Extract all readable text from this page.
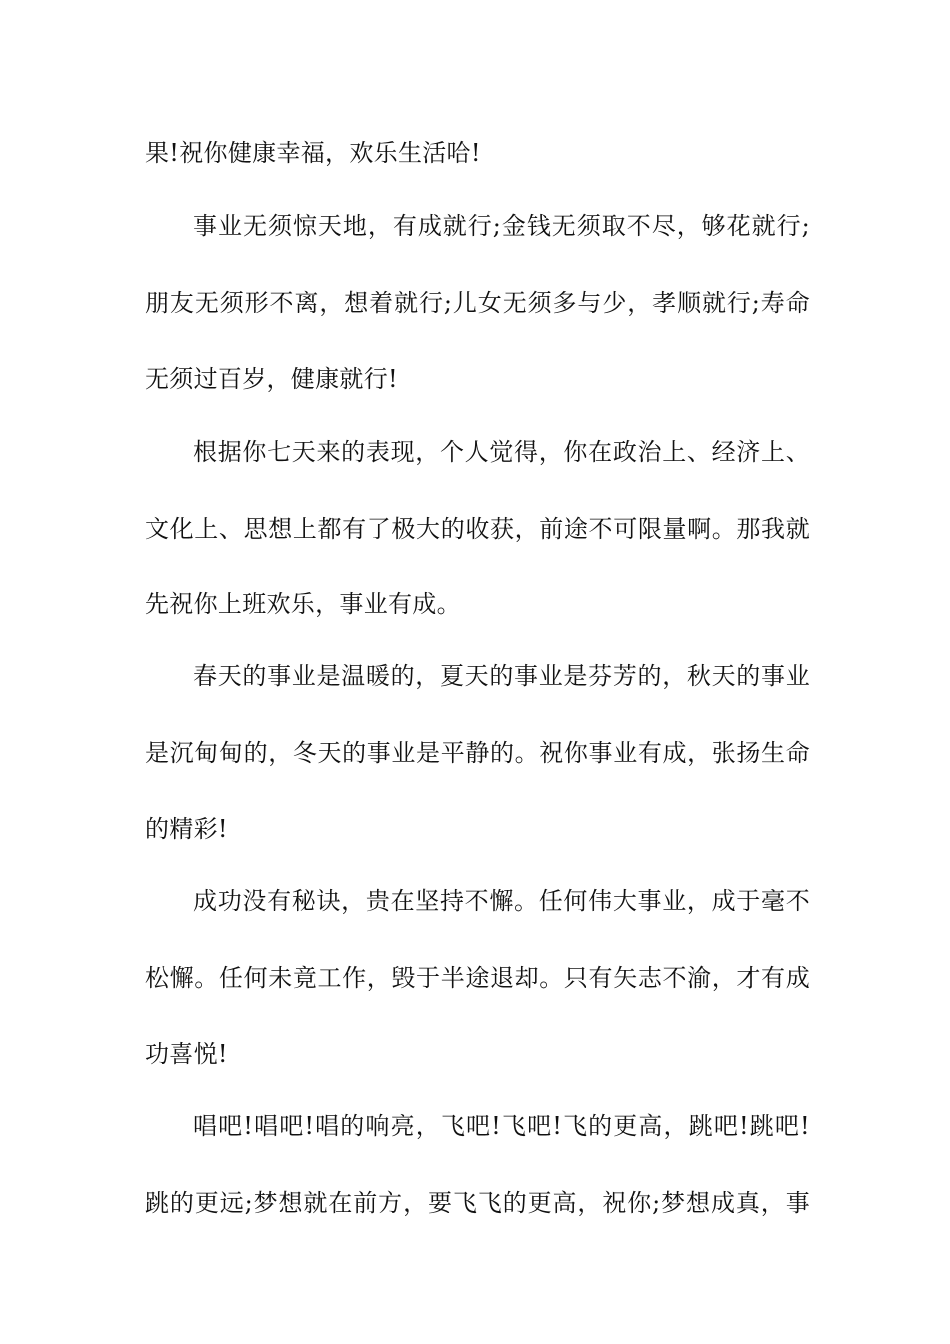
果!祝你健康幸福，欢乐生活哈!
事业无须惊天地，有成就行;金钱无须取不尽，够花就行;
朋友无须形不离，想着就行;儿女无须多与少，孝顺就行;寿命
无须过百岁，健康就行!
根据你七天来的表现，个人觉得，你在政治上、经济上、
文化上、思想上都有了极大的收获，前途不可限量啊。那我就
先祝你上班欢乐，事业有成。
春天的事业是温暖的，夏天的事业是芬芳的，秋天的事业
是沉甸甸的，冬天的事业是平静的。祝你事业有成，张扬生命
的精彩!
成功没有秘诀，贵在坚持不懈。任何伟大事业，成于毫不
松懈。任何未竟工作，毁于半途退却。只有矢志不渝，才有成
功喜悦!
唱吧!唱吧!唱的响亮，飞吧!飞吧!飞的更高，跳吧!跳吧!
跳的更远;梦想就在前方，要飞飞的更高，祝你;梦想成真，事
